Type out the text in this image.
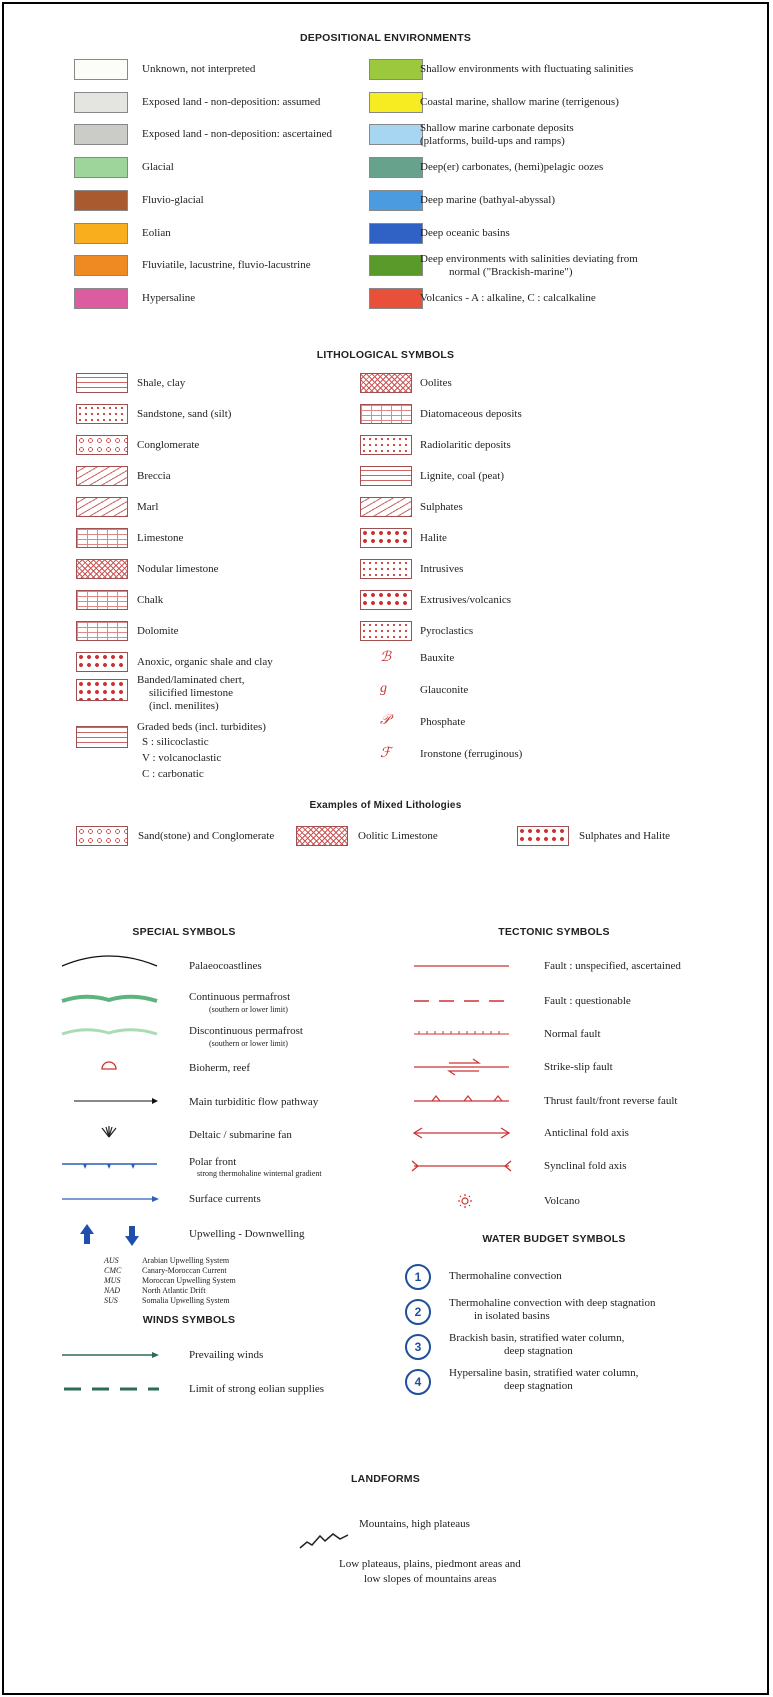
DEPOSITIONAL ENVIRONMENTS
Unknown, not interpreted
Exposed land - non-deposition: assumed
Exposed land - non-deposition: ascertained
Glacial
Fluvio-glacial
Eolian
Fluviatile, lacustrine, fluvio-lacustrine
Hypersaline
Shallow environments with fluctuating salinities
Coastal marine, shallow marine (terrigenous)
Shallow marine carbonate deposits
(platforms, build-ups and ramps)
Deep(er) carbonates, (hemi)pelagic oozes
Deep marine (bathyal-abyssal)
Deep oceanic basins
Deep environments with salinities deviating from
normal ("Brackish-marine")
Volcanics - A : alkaline, C : calcalkaline
LITHOLOGICAL SYMBOLS
Shale, clay
Sandstone, sand (silt)
Conglomerate
Breccia
Marl
Limestone
Nodular limestone
Chalk
Dolomite
Anoxic, organic shale and clay
Banded/laminated chert,
silicified limestone
(incl. menilites)
Graded beds (incl. turbidites)
S : silicoclastic
V : volcanoclastic
C : carbonatic
Oolites
Diatomaceous deposits
Radiolaritic deposits
Lignite, coal (peat)
Sulphates
Halite
Intrusives
Extrusives/volcanics
Pyroclastics
ℬ	Bauxite
g	Glauconite
𝒫	Phosphate
ℱ	Ironstone (ferruginous)
Examples of Mixed Lithologies
Sand(stone) and Conglomerate	Oolitic Limestone	Sulphates and Halite
SPECIAL SYMBOLS	TECTONIC SYMBOLS
Palaeocoastlines
Continuous permafrost
(southern or lower limit)
Discontinuous permafrost
(southern or lower limit)
Bioherm, reef
Main turbiditic flow pathway
Deltaic / submarine fan
Polar front
strong thermohaline winternal gradient
Surface currents
Upwelling - Downwelling
AUS	Arabian Upwelling System
CMC	Canary-Moroccan Current
MUS	Moroccan Upwelling System
NAD	North Atlantic Drift
SUS	Somalia Upwelling System
WINDS SYMBOLS
Prevailing winds
Limit of strong eolian supplies
Fault : unspecified, ascertained
Fault : questionable
Normal fault
Strike-slip fault
Thrust fault/front reverse fault
Anticlinal fold axis
Synclinal fold axis
Volcano
WATER BUDGET SYMBOLS
1	Thermohaline convection
2
Thermohaline convection with deep stagnation
in isolated basins
3
Brackish basin, stratified water column,
deep stagnation
4
Hypersaline basin, stratified water column,
deep stagnation
LANDFORMS
Mountains, high plateaus
Low plateaus, plains, piedmont areas and
low slopes of mountains areas
